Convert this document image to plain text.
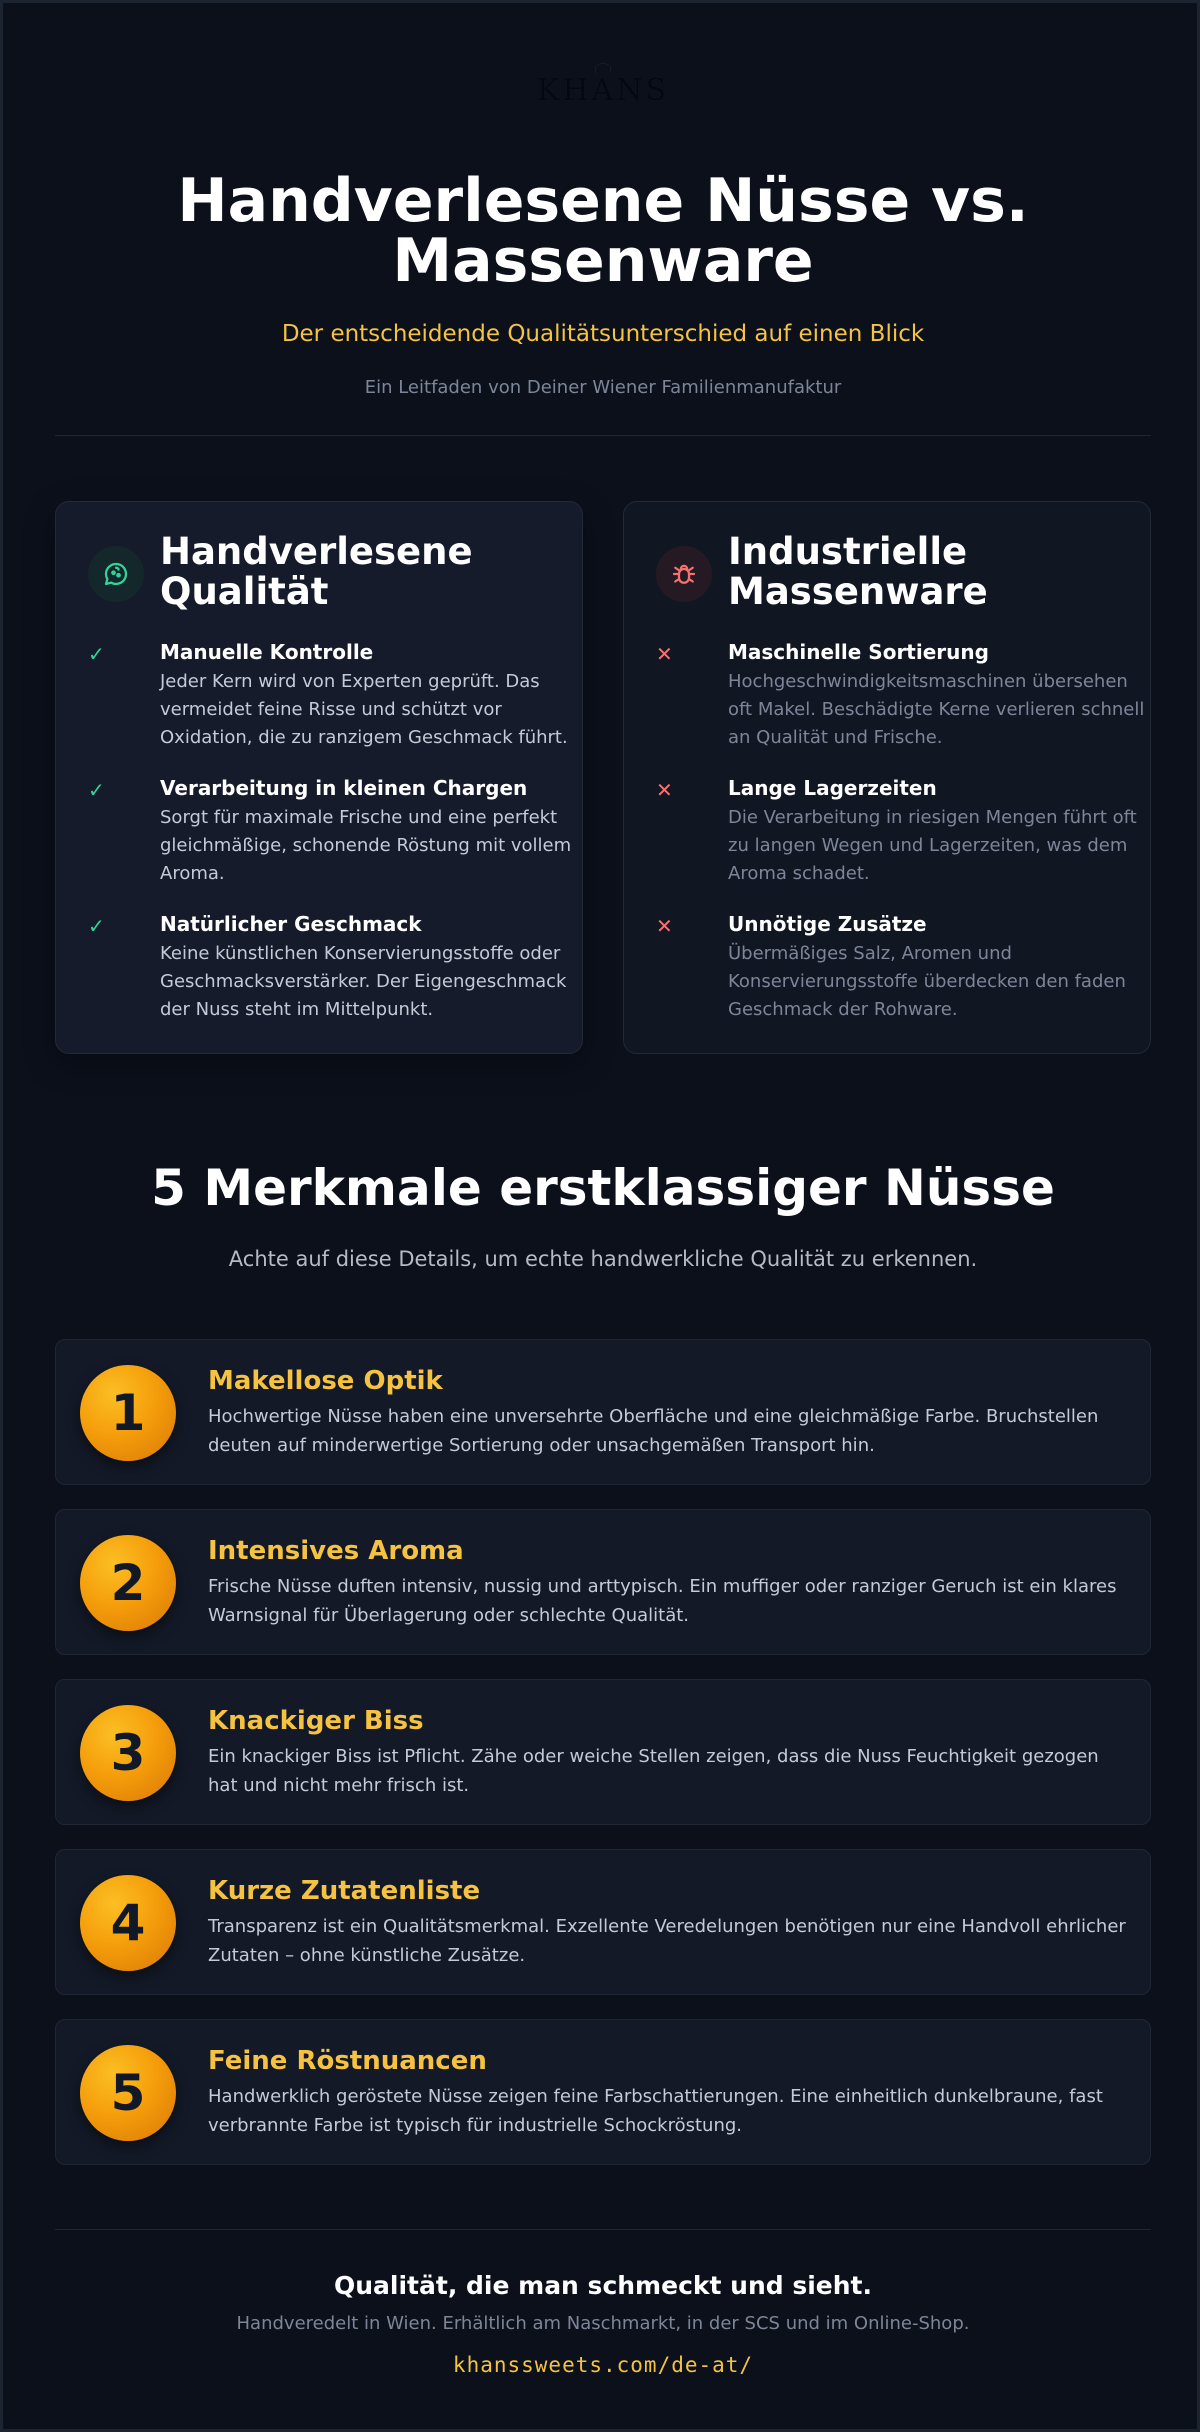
KHANS
Handverlesene Nüsse vs. Massenware
Der entscheidende Qualitätsunterschied auf einen Blick
Ein Leitfaden von Deiner Wiener Familienmanufaktur
Handverlesene Qualität
✓	Manuelle Kontrolle
Jeder Kern wird von Experten geprüft. Das vermeidet feine Risse und schützt vor Oxidation, die zu ranzigem Geschmack führt.
✓	Verarbeitung in kleinen Chargen
Sorgt für maximale Frische und eine perfekt gleichmäßige, schonende Röstung mit vollem Aroma.
✓	Natürlicher Geschmack
Keine künstlichen Konservierungsstoffe oder Geschmacksverstärker. Der Eigengeschmack der Nuss steht im Mittelpunkt.
Industrielle Massenware
✕	Maschinelle Sortierung
Hochgeschwindigkeitsmaschinen übersehen oft Makel. Beschädigte Kerne verlieren schnell an Qualität und Frische.
✕	Lange Lagerzeiten
Die Verarbeitung in riesigen Mengen führt oft zu langen Wegen und Lagerzeiten, was dem Aroma schadet.
✕	Unnötige Zusätze
Übermäßiges Salz, Aromen und Konservierungsstoffe überdecken den faden Geschmack der Rohware.
5 Merkmale erstklassiger Nüsse
Achte auf diese Details, um echte handwerkliche Qualität zu erkennen.
1
Makellose Optik
Hochwertige Nüsse haben eine unversehrte Oberfläche und eine gleichmäßige Farbe. Bruchstellen deuten auf minderwertige Sortierung oder unsachgemäßen Transport hin.
2
Intensives Aroma
Frische Nüsse duften intensiv, nussig und arttypisch. Ein muffiger oder ranziger Geruch ist ein klares Warnsignal für Überlagerung oder schlechte Qualität.
3
Knackiger Biss
Ein knackiger Biss ist Pflicht. Zähe oder weiche Stellen zeigen, dass die Nuss Feuchtigkeit gezogen hat und nicht mehr frisch ist.
4
Kurze Zutatenliste
Transparenz ist ein Qualitätsmerkmal. Exzellente Veredelungen benötigen nur eine Handvoll ehrlicher Zutaten – ohne künstliche Zusätze.
5
Feine Röstnuancen
Handwerklich geröstete Nüsse zeigen feine Farbschattierungen. Eine einheitlich dunkelbraune, fast verbrannte Farbe ist typisch für industrielle Schockröstung.
Qualität, die man schmeckt und sieht.
Handveredelt in Wien. Erhältlich am Naschmarkt, in der SCS und im Online-Shop.
khanssweets.com/de-at/
